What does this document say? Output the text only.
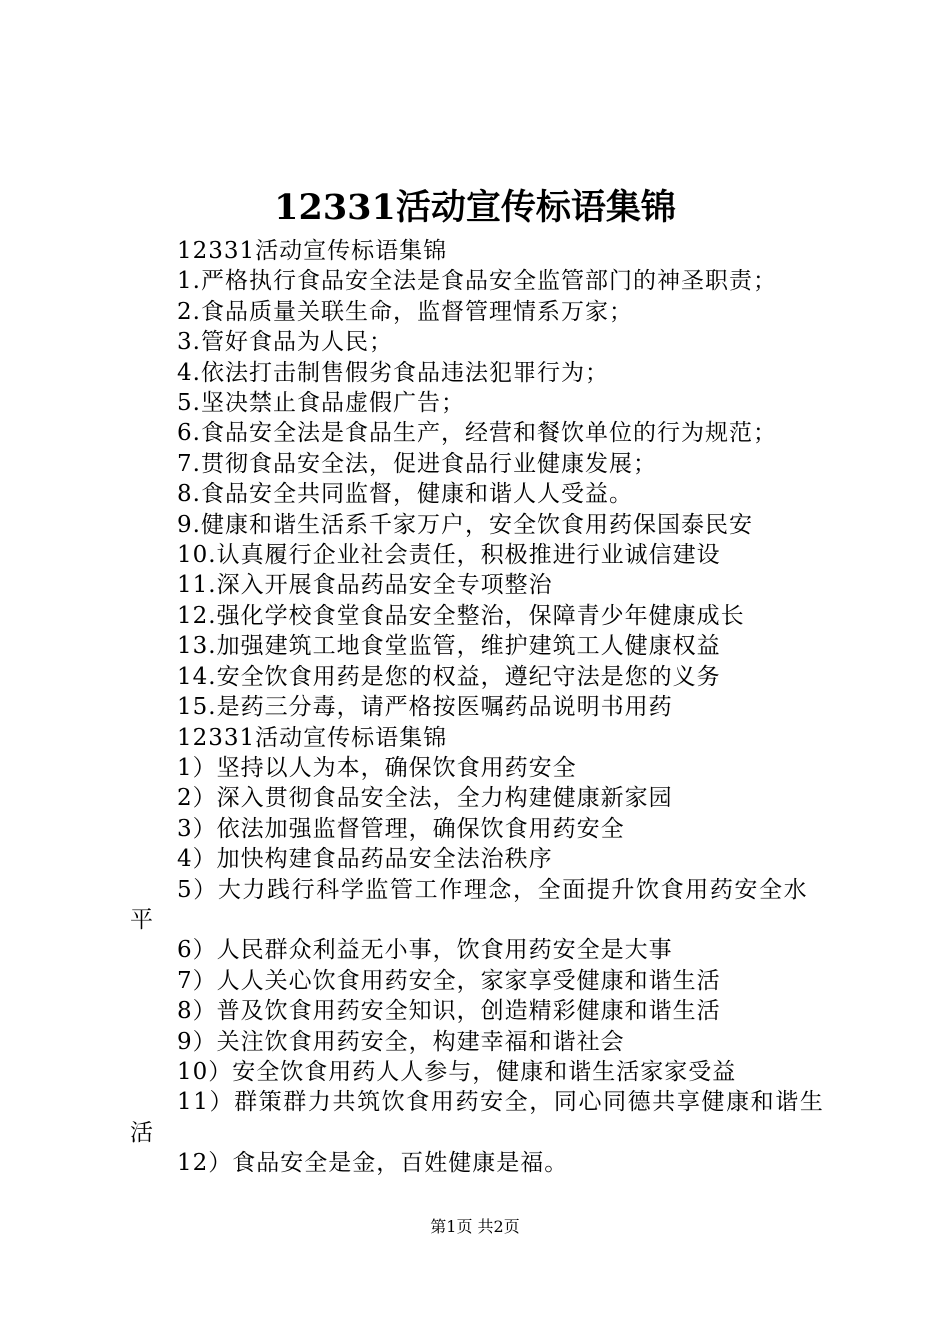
12331活动宣传标语集锦

12331活动宣传标语集锦

1.严格执行食品安全法是食品安全监管部门的神圣职责；

2.食品质量关联生命，监督管理情系万家；

3.管好食品为人民；

4.依法打击制售假劣食品违法犯罪行为；

5.坚决禁止食品虚假广告；

6.食品安全法是食品生产，经营和餐饮单位的行为规范；

7.贯彻食品安全法，促进食品行业健康发展；

8.食品安全共同监督，健康和谐人人受益。

9.健康和谐生活系千家万户，安全饮食用药保国泰民安

10.认真履行企业社会责任，积极推进行业诚信建设

11.深入开展食品药品安全专项整治

12.强化学校食堂食品安全整治，保障青少年健康成长

13.加强建筑工地食堂监管，维护建筑工人健康权益

14.安全饮食用药是您的权益，遵纪守法是您的义务

15.是药三分毒，请严格按医嘱药品说明书用药

12331活动宣传标语集锦

1）坚持以人为本，确保饮食用药安全

2）深入贯彻食品安全法，全力构建健康新家园

3）依法加强监督管理，确保饮食用药安全

4）加快构建食品药品安全法治秩序

5）大力践行科学监管工作理念，全面提升饮食用药安全水平

6）人民群众利益无小事，饮食用药安全是大事

7）人人关心饮食用药安全，家家享受健康和谐生活

8）普及饮食用药安全知识，创造精彩健康和谐生活

9）关注饮食用药安全，构建幸福和谐社会

10）安全饮食用药人人参与，健康和谐生活家家受益

11）群策群力共筑饮食用药安全，同心同德共享健康和谐生活

12）食品安全是金，百姓健康是福。

第1页 共2页
